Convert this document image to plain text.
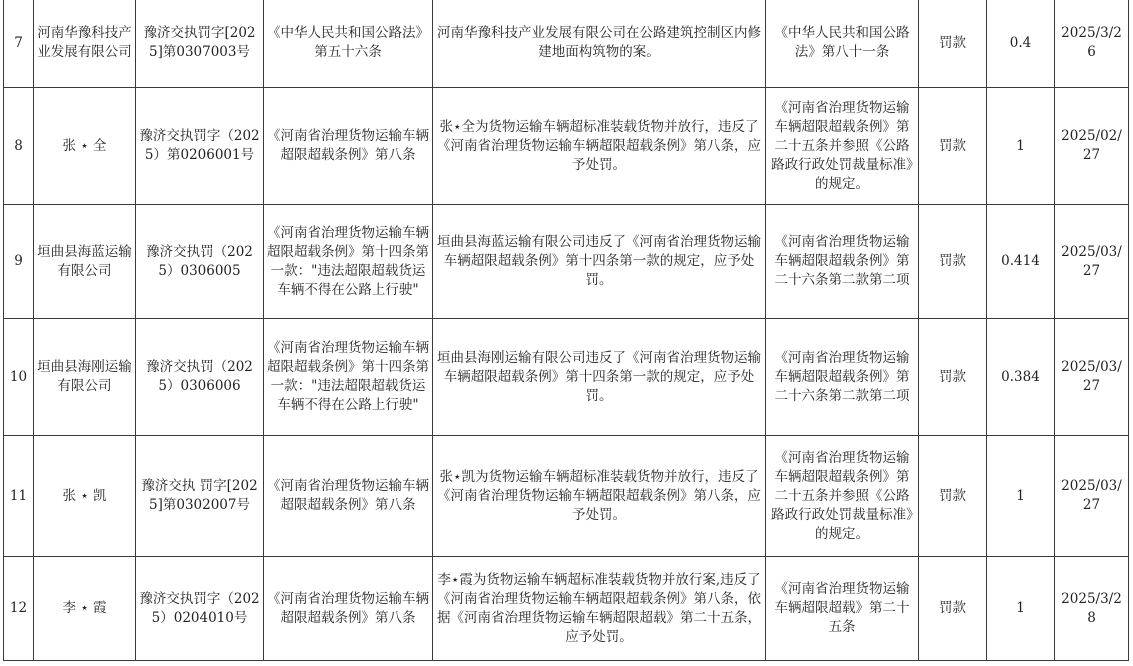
7	河南华豫科技产业发展有限公司	豫济交执罚字[2025]第0307003号	《中华人民共和国公路法》第五十六条	河南华豫科技产业发展有限公司在公路建筑控制区内修建地面构筑物的案。	《中华人民共和国公路法》第八十一条	罚款	0.4	2025/3/26
8	张 ⋆ 全	豫济交执罚字（2025）第0206001号	《河南省治理货物运输车辆超限超载条例》第八条	张⋆全为货物运输车辆超标准装载货物并放行，违反了《河南省治理货物运输车辆超限超载条例》第八条，应予处罚。	《河南省治理货物运输车辆超限超载条例》第二十五条并参照《公路路政行政处罚裁量标准》的规定。	罚款	1	2025/02/27
9	垣曲县海蓝运输有限公司	豫济交执罚（2025）0306005	《河南省治理货物运输车辆超限超载条例》第十四条第一款："违法超限超载货运车辆不得在公路上行驶"	垣曲县海蓝运输有限公司违反了《河南省治理货物运输车辆超限超载条例》第十四条第一款的规定，应予处罚。	《河南省治理货物运输车辆超限超载条例》第二十六条第二款第二项	罚款	0.414	2025/03/27
10	垣曲县海刚运输有限公司	豫济交执罚（2025）0306006	《河南省治理货物运输车辆超限超载条例》第十四条第一款："违法超限超载货运车辆不得在公路上行驶"	垣曲县海刚运输有限公司违反了《河南省治理货物运输车辆超限超载条例》第十四条第一款的规定，应予处罚。	《河南省治理货物运输车辆超限超载条例》第二十六条第二款第二项	罚款	0.384	2025/03/27
11	张 ⋆ 凯	豫济交执 罚字[2025]第0302007号	《河南省治理货物运输车辆超限超载条例》第八条	张⋆凯为货物运输车辆超标准装载货物并放行，违反了《河南省治理货物运输车辆超限超载条例》第八条，应予处罚。	《河南省治理货物运输车辆超限超载条例》第二十五条并参照《公路路政行政处罚裁量标准》的规定。	罚款	1	2025/03/27
12	李 ⋆ 霞	豫济交执罚字（2025）0204010号	《河南省治理货物运输车辆超限超载条例》第八条	李⋆霞为货物运输车辆超标准装载货物并放行案,违反了《河南省治理货物运输车辆超限超载条例》第八条，依据《河南省治理货物运输车辆超限超载》第二十五条，应予处罚。	《河南省治理货物运输车辆超限超载》第二十五条	罚款	1	2025/3/28
